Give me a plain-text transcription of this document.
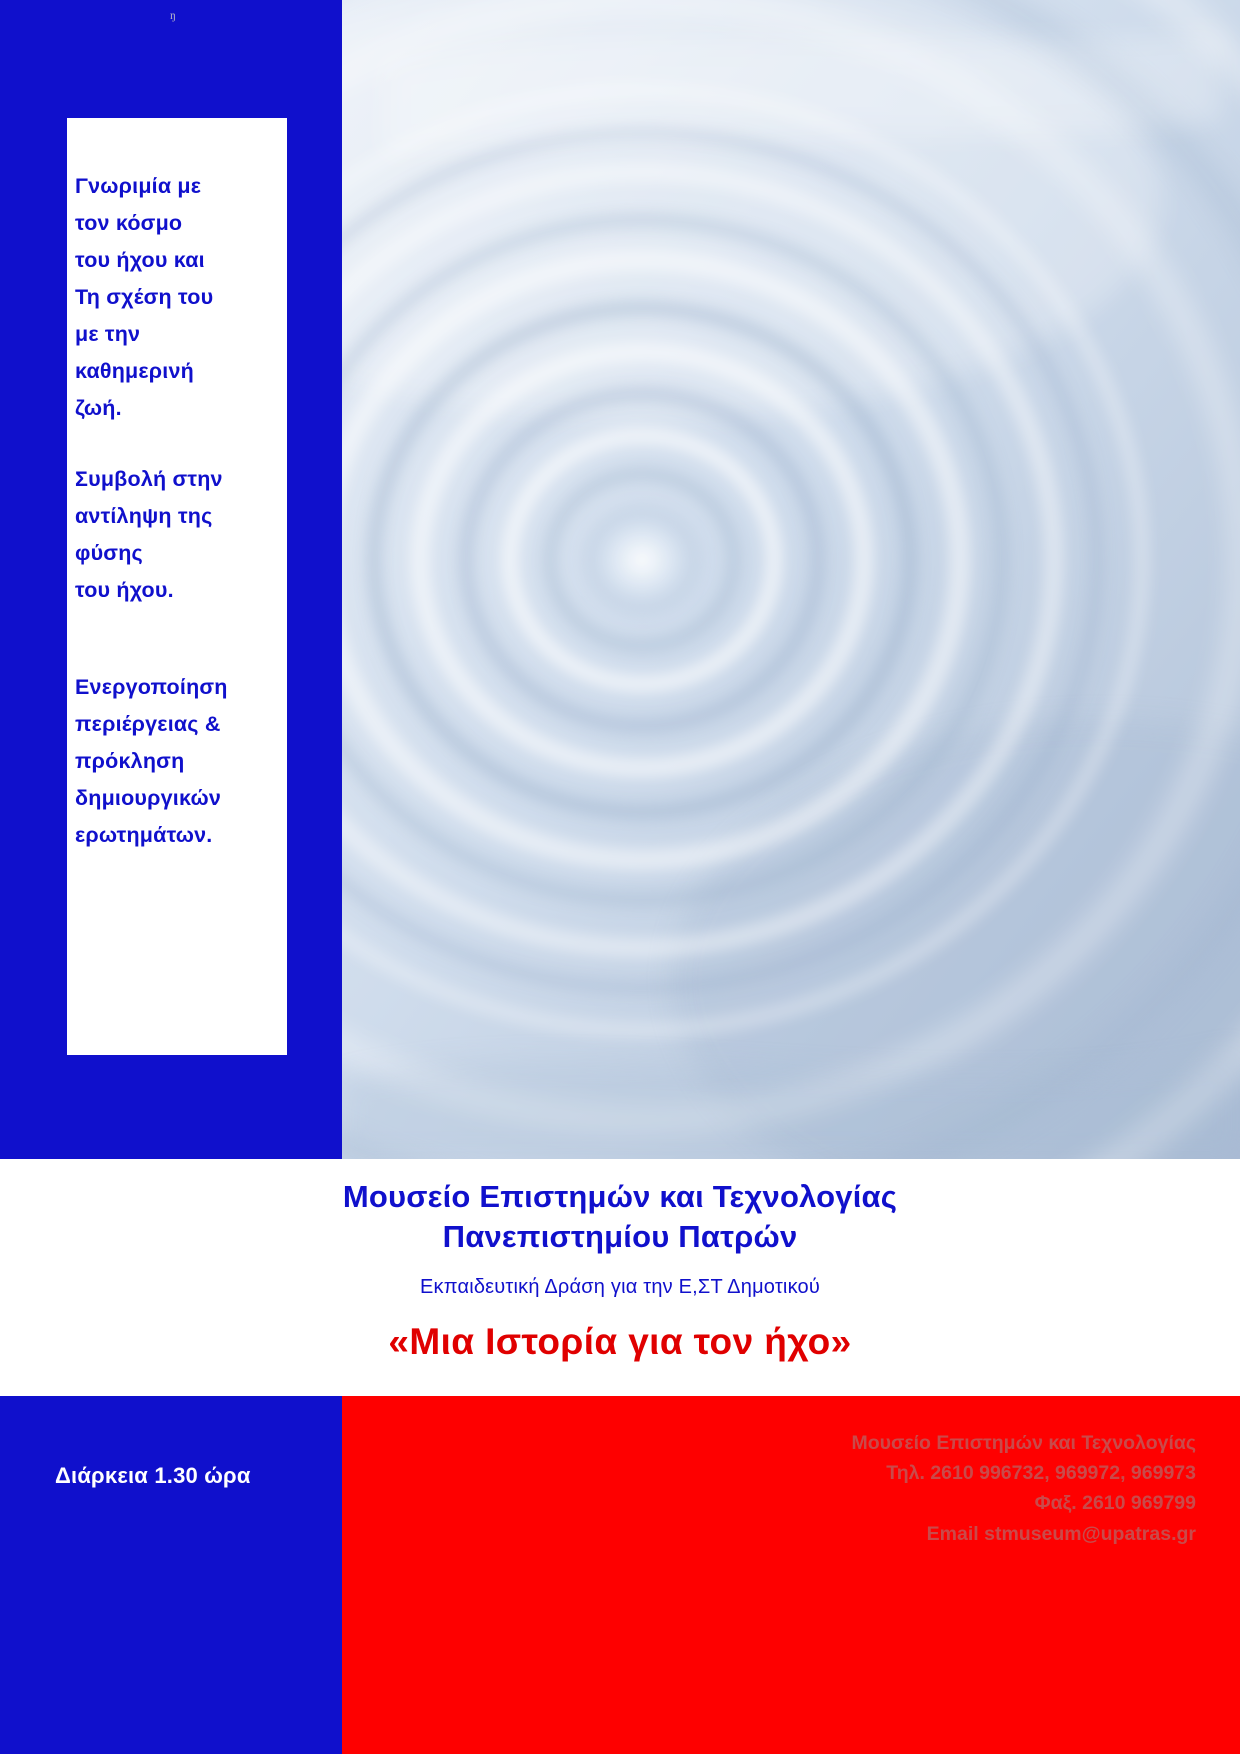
ŋ

Γνωριμία με

τον κόσμο

του ήχου και

Τη σχέση του

με την

καθημερινή

ζωή.

Συμβολή στην

αντίληψη της

φύσης

του ήχου.

Ενεργοποίηση

περιέργειας &

πρόκληση

δημιουργικών

ερωτημάτων.

Μουσείο Επιστημών και Τεχνολογίας

Πανεπιστημίου Πατρών

Εκπαιδευτική Δράση για την Ε,ΣΤ Δημοτικού

«Μια Ιστορία για τον ήχο»

Διάρκεια 1.30 ώρα
Μουσείο Επιστημών και Τεχνολογίας
Τηλ. 2610 996732, 969972, 969973
Φαξ. 2610 969799
Email stmuseum@upatras.gr
